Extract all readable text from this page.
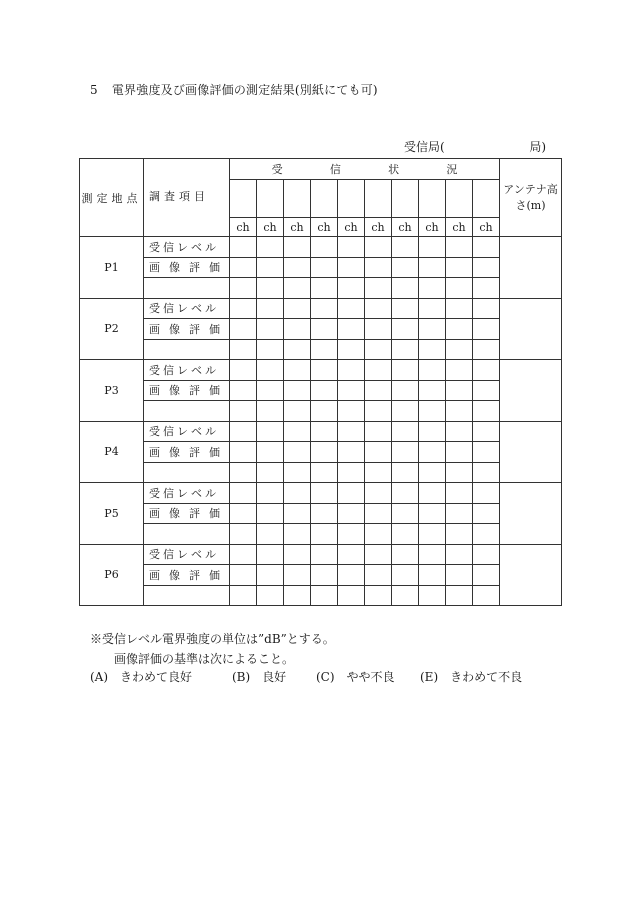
5 電界強度及び画像評価の測定結果(別紙にても可)
受信局(	局)
測定地点		受 信 状 況										アンテナ高さ(m)

	調査項目	ch	ch	ch	ch	ch	ch	ch	ch	ch	ch	
P1	受信レベル											
	画像評価											

P2	受信レベル											
	画像評価											

P3	受信レベル											
	画像評価											

P4	受信レベル											
	画像評価											

P5	受信レベル											
	画像評価											

P6	受信レベル											
	画像評価											

※受信レベル電界強度の単位は”dB”とする。
画像評価の基準は次によること。
(A)　きわめて良好	(B)　良好 (C)　やや不良 (E)　きわめて不良
